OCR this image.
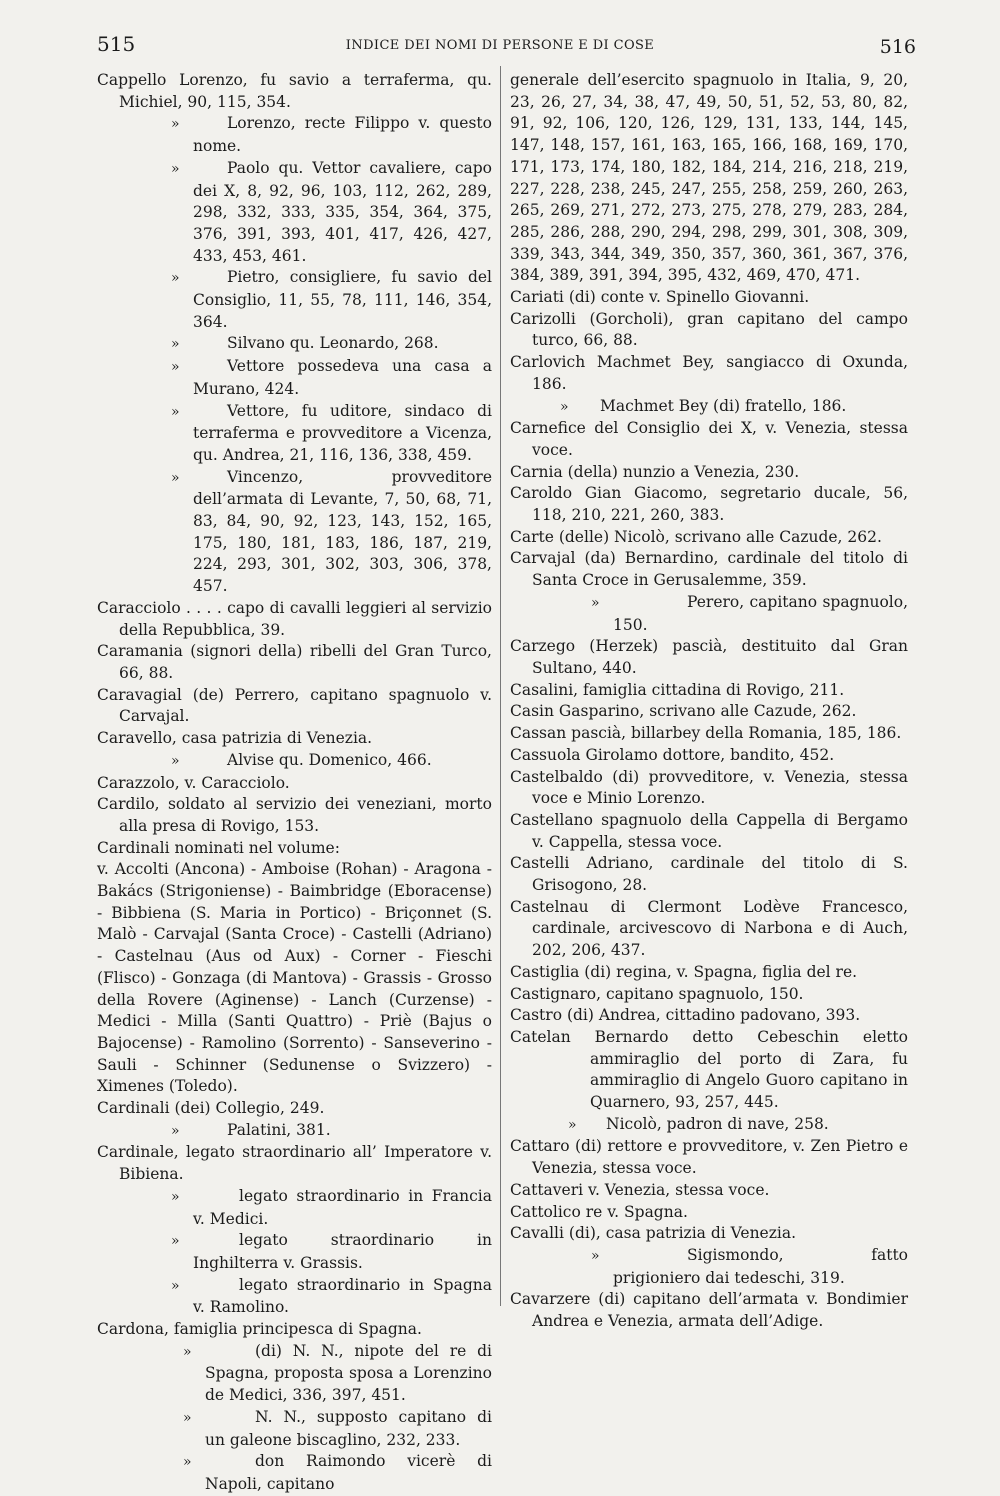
515	INDICE DEI NOMI DI PERSONE E DI COSE	516
Cappello Lorenzo, fu savio a terraferma, qu. Michiel, 90, 115, 354.
»	Lorenzo, recte Filippo v. questo nome.
»	Paolo qu. Vettor cavaliere, capo dei X, 8, 92, 96, 103, 112, 262, 289, 298, 332, 333, 335, 354, 364, 375, 376, 391, 393, 401, 417, 426, 427, 433, 453, 461.
»	Pietro, consigliere, fu savio del Consiglio, 11, 55, 78, 111, 146, 354, 364.
»	Silvano qu. Leonardo, 268.
»	Vettore possedeva una casa a Murano, 424.
»	Vettore, fu uditore, sindaco di terraferma e provveditore a Vicenza, qu. Andrea, 21, 116, 136, 338, 459.
»	Vincenzo, provveditore dell’armata di Levante, 7, 50, 68, 71, 83, 84, 90, 92, 123, 143, 152, 165, 175, 180, 181, 183, 186, 187, 219, 224, 293, 301, 302, 303, 306, 378, 457.
Caracciolo . . . . capo di cavalli leggieri al servizio della Repubblica, 39.
Caramania (signori della) ribelli del Gran Turco, 66, 88.
Caravagial (de) Perrero, capitano spagnuolo v. Carvajal.
Caravello, casa patrizia di Venezia.
»	Alvise qu. Domenico, 466.
Carazzolo, v. Caracciolo.
Cardilo, soldato al servizio dei veneziani, morto alla presa di Rovigo, 153.
Cardinali nominati nel volume:
v. Accolti (Ancona) - Amboise (Rohan) - Aragona - Bakács (Strigoniense) - Baimbridge (Eboracense) - Bibbiena (S. Maria in Portico) - Briçonnet (S. Malò - Carvajal (Santa Croce) - Castelli (Adriano) - Castelnau (Aus od Aux) - Corner - Fieschi (Flisco) - Gonzaga (di Mantova) - Grassis - Grosso della Rovere (Aginense) - Lanch (Curzense) - Medici - Milla (Santi Quattro) - Priè (Bajus o Bajocense) - Ramolino (Sorrento) - Sanseverino - Sauli - Schinner (Sedunense o Svizzero) - Ximenes (Toledo).
Cardinali (dei) Collegio, 249.
»	Palatini, 381.
Cardinale, legato straordinario all’ Imperatore v. Bibiena.
»	legato straordinario in Francia v. Medici.
»	legato straordinario in Inghilterra v. Grassis.
»	legato straordinario in Spagna v. Ramolino.
Cardona, famiglia principesca di Spagna.
»	(di) N. N., nipote del re di Spagna, proposta sposa a Lorenzino de Medici, 336, 397, 451.
»	N. N., supposto capitano di un galeone biscaglino, 232, 233.
»	don Raimondo vicerè di Napoli, capitano
generale dell’esercito spagnuolo in Italia, 9, 20, 23, 26, 27, 34, 38, 47, 49, 50, 51, 52, 53, 80, 82, 91, 92, 106, 120, 126, 129, 131, 133, 144, 145, 147, 148, 157, 161, 163, 165, 166, 168, 169, 170, 171, 173, 174, 180, 182, 184, 214, 216, 218, 219, 227, 228, 238, 245, 247, 255, 258, 259, 260, 263, 265, 269, 271, 272, 273, 275, 278, 279, 283, 284, 285, 286, 288, 290, 294, 298, 299, 301, 308, 309, 339, 343, 344, 349, 350, 357, 360, 361, 367, 376, 384, 389, 391, 394, 395, 432, 469, 470, 471.
Cariati (di) conte v. Spinello Giovanni.
Carizolli (Gorcholi), gran capitano del campo turco, 66, 88.
Carlovich Machmet Bey, sangiacco di Oxunda, 186.
» Machmet Bey (di) fratello, 186.
Carnefice del Consiglio dei X, v. Venezia, stessa voce.
Carnia (della) nunzio a Venezia, 230.
Caroldo Gian Giacomo, segretario ducale, 56, 118, 210, 221, 260, 383.
Carte (delle) Nicolò, scrivano alle Cazude, 262.
Carvajal (da) Bernardino, cardinale del titolo di Santa Croce in Gerusalemme, 359.
»	Perero, capitano spagnuolo, 150.
Carzego (Herzek) pascià, destituito dal Gran Sultano, 440.
Casalini, famiglia cittadina di Rovigo, 211.
Casin Gasparino, scrivano alle Cazude, 262.
Cassan pascià, billarbey della Romania, 185, 186.
Cassuola Girolamo dottore, bandito, 452.
Castelbaldo (di) provveditore, v. Venezia, stessa voce e Minio Lorenzo.
Castellano spagnuolo della Cappella di Bergamo v. Cappella, stessa voce.
Castelli Adriano, cardinale del titolo di S. Grisogono, 28.
Castelnau di Clermont Lodève Francesco, cardinale, arcivescovo di Narbona e di Auch, 202, 206, 437.
Castiglia (di) regina, v. Spagna, figlia del re.
Castignaro, capitano spagnuolo, 150.
Castro (di) Andrea, cittadino padovano, 393.
Catelan Bernardo detto Cebeschin eletto ammiraglio del porto di Zara, fu ammiraglio di Angelo Guoro capitano in Quarnero, 93, 257, 445.
» Nicolò, padron di nave, 258.
Cattaro (di) rettore e provveditore, v. Zen Pietro e Venezia, stessa voce.
Cattaveri v. Venezia, stessa voce.
Cattolico re v. Spagna.
Cavalli (di), casa patrizia di Venezia.
»	Sigismondo, fatto prigioniero dai tedeschi, 319.
Cavarzere (di) capitano dell’armata v. Bondimier Andrea e Venezia, armata dell’Adige.
